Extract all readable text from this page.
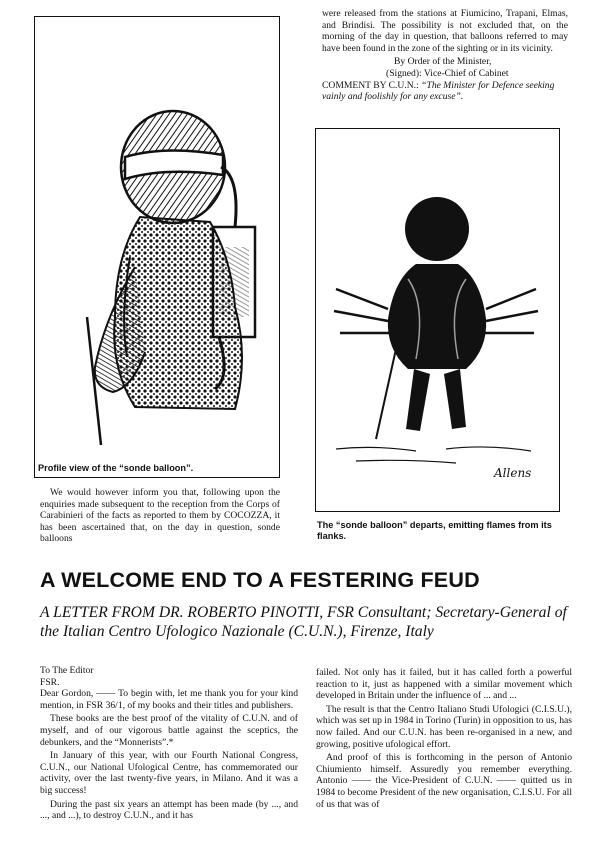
Profile view of the “sonde balloon”.

We would however inform you that, following upon the enquiries made subsequent to the reception from the Corps of Carabinieri of the facts as reported to them by COCOZZA, it has been ascertained that, on the day in question, sonde balloons

were released from the stations at Fiumicino, Trapani, Elmas, and Brindisi. The possibility is not excluded that, on the morning of the day in question, that balloons referred to may have been found in the zone of the sighting or in its vicinity.

By Order of the Minister,
(Signed): Vice-Chief of Cabinet
COMMENT BY C.U.N.: “The Minister for Defence seeking vainly and foolishly for any excuse”.
Allens
The “sonde balloon” departs, emitting flames from its flanks.
A WELCOME END TO A FESTERING FEUD
A LETTER FROM DR. ROBERTO PINOTTI, FSR Consultant; Secretary-General of the Italian Centro Ufologico Nazionale (C.U.N.), Firenze, Italy
To The Editor
FSR.

Dear Gordon, —— To begin with, let me thank you for your kind mention, in FSR 36/1, of my books and their titles and publishers.

These books are the best proof of the vitality of C.U.N. and of myself, and of our vigorous battle against the sceptics, the debunkers, and the “Monnerists”.*

In January of this year, with our Fourth National Congress, C.U.N., our National Ufological Centre, has commemorated our activity, over the last twenty-five years, in Milano. And it was a big success!

During the past six years an attempt has been made (by ..., and ..., and ...), to destroy C.U.N., and it has

failed. Not only has it failed, but it has called forth a powerful reaction to it, just as happened with a similar movement which developed in Britain under the influence of ... and ...

The result is that the Centro Italiano Studi Ufologici (C.I.S.U.), which was set up in 1984 in Torino (Turin) in opposition to us, has now failed. And our C.U.N. has been re-organised in a new, and growing, positive ufological effort.

And proof of this is forthcoming in the person of Antonio Chiumiento himself. Assuredly you remember everything. Antonio —— the Vice-President of C.U.N. —— quitted us in 1984 to become President of the new organisation, C.I.S.U. For all of us that was of
